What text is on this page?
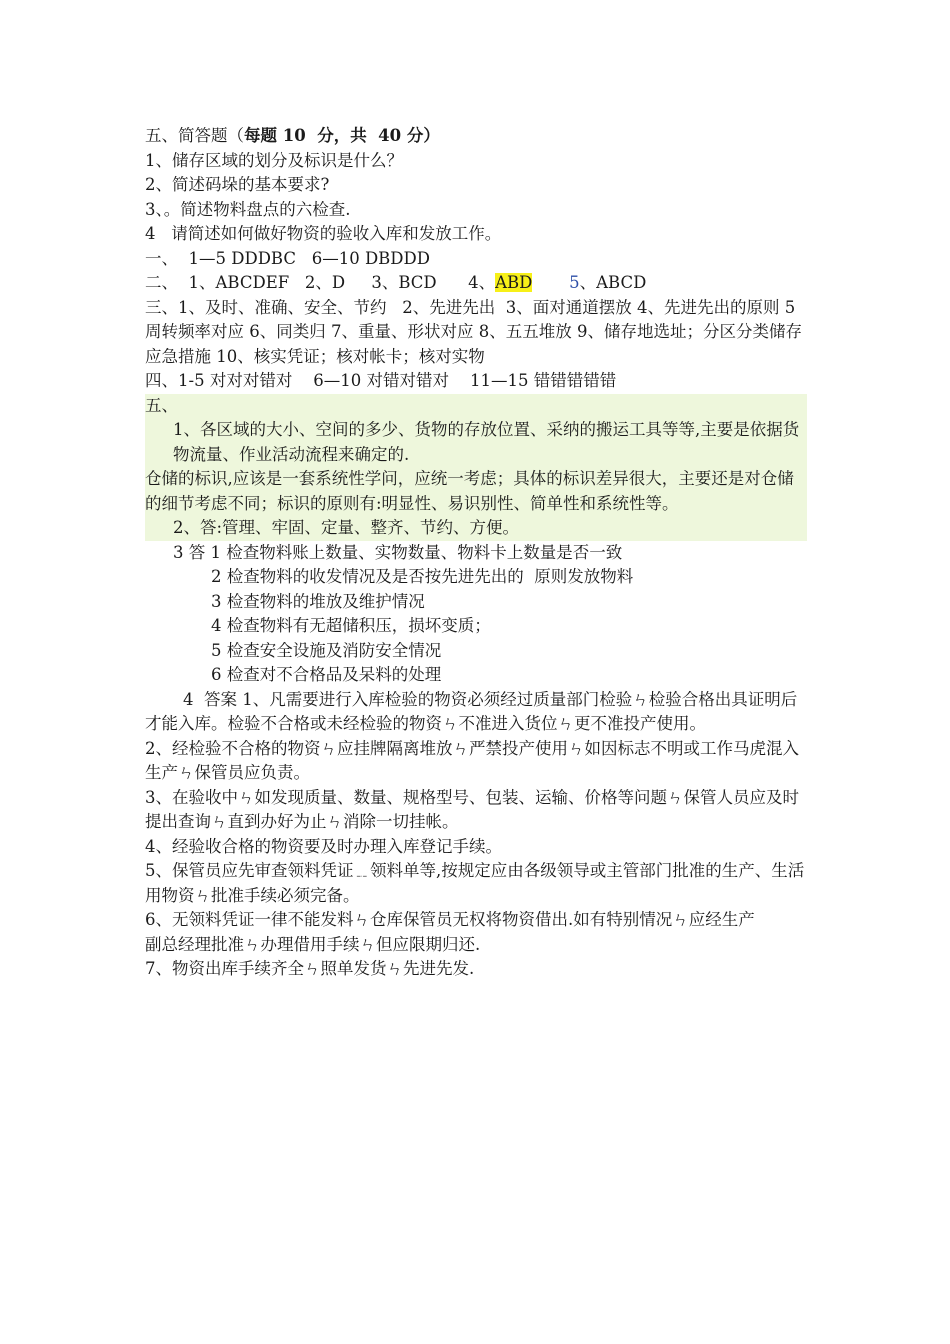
五、简答题（每题 10  分，共  40 分）

1、储存区域的划分及标识是什么？

2、简述码垛的基本要求?

3、。简述物料盘点的六检查.

4   请简述如何做好物资的验收入库和发放工作。

一、  1—5 DDDBC   6—10 DBDDD

二、  1、ABCDEF   2、D     3、BCD      4、ABD 5、ABCD

三、1、及时、准确、安全、节约   2、先进先出  3、面对通道摆放 4、先进先出的原则 5 周转频率对应 6、同类归 7、重量、形状对应 8、五五堆放 9、储存地选址；分区分类储存  应急措施 10、核实凭证；核对帐卡；核对实物

四、1-5 对对对错对    6—10 对错对错对    11—15 错错错错错

五、

1、各区域的大小、空间的多少、货物的存放位置、采纳的搬运工具等等,主要是依据货物流量、作业活动流程来确定的.

仓储的标识,应该是一套系统性学问，应统一考虑；具体的标识差异很大，主要还是对仓储的细节考虑不同；标识的原则有:明显性、易识别性、简单性和系统性等。

2、答:管理、牢固、定量、整齐、节约、方便。

3 答 1 检查物料账上数量、实物数量、物料卡上数量是否一致

2 检查物料的收发情况及是否按先进先出的  原则发放物料

3 检查物料的堆放及维护情况

4 检查物料有无超储积压，损坏变质；

5 检查安全设施及消防安全情况

6 检查对不合格品及呆料的处理

4  答案 1、凡需要进行入库检验的物资必须经过质量部门检验ㄣ检验合格出具证明后才能入库。检验不合格或未经检验的物资ㄣ不准进入货位ㄣ更不准投产使用。

2、经检验不合格的物资ㄣ应挂牌隔离堆放ㄣ严禁投产使用ㄣ如因标志不明或工作马虎混入生产ㄣ保管员应负责。

3、在验收中ㄣ如发现质量、数量、规格型号、包装、运输、价格等问题ㄣ保管人员应及时提出查询ㄣ直到办好为止ㄣ消除一切挂帐。

4、经验收合格的物资要及时办理入库登记手续。

5、保管员应先审查领料凭证﹎领料单等,按规定应由各级领导或主管部门批准的生产、生活用物资ㄣ批准手续必须完备。

6、无领料凭证一律不能发料ㄣ仓库保管员无权将物资借出.如有特别情况ㄣ应经生产

副总经理批准ㄣ办理借用手续ㄣ但应限期归还.

7、物资出库手续齐全ㄣ照单发货ㄣ先进先发.
